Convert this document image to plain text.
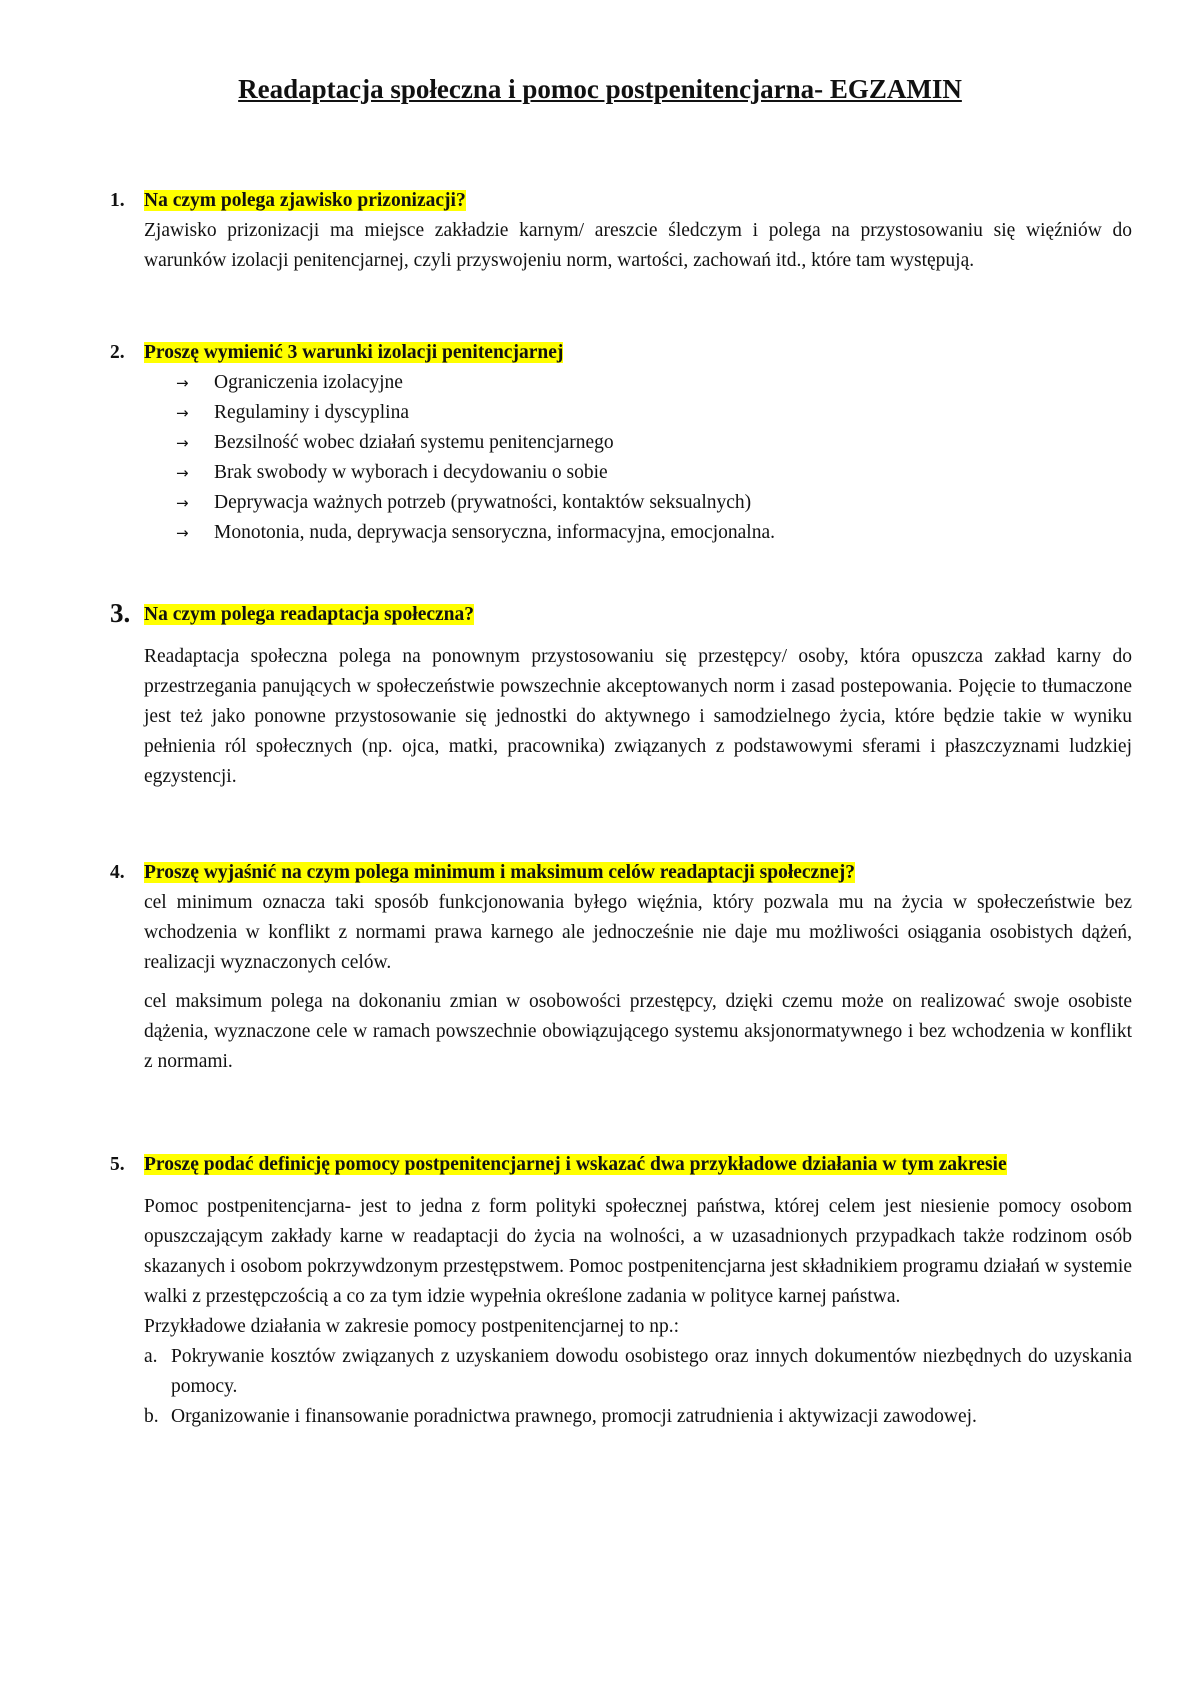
Readaptacja społeczna i pomoc postpenitencjarna- EGZAMIN
1. Na czym polega zjawisko prizonizacji?

Zjawisko prizonizacji ma miejsce zakładzie karnym/ areszcie śledczym i polega na przystosowaniu się więźniów do warunków izolacji penitencjarnej, czyli przyswojeniu norm, wartości, zachowań itd., które tam występują.

2. Proszę wymienić 3 warunki izolacji penitencjarnej
→ Ograniczenia izolacyjne
→ Regulaminy i dyscyplina
→ Bezsilność wobec działań systemu penitencjarnego
→ Brak swobody w wyborach i decydowaniu o sobie
→ Deprywacja ważnych potrzeb (prywatności, kontaktów seksualnych)
→ Monotonia, nuda, deprywacja sensoryczna, informacyjna, emocjonalna.
3. Na czym polega readaptacja społeczna?

Readaptacja społeczna polega na ponownym przystosowaniu się przestępcy/ osoby, która opuszcza zakład karny do przestrzegania panujących w społeczeństwie powszechnie akceptowanych norm i zasad postepowania. Pojęcie to tłumaczone jest też jako ponowne przystosowanie się jednostki do aktywnego i samodzielnego życia, które będzie takie w wyniku pełnienia ról społecznych (np. ojca, matki, pracownika) związanych z podstawowymi sferami i płaszczyznami ludzkiej egzystencji.

4. Proszę wyjaśnić na czym polega minimum i maksimum celów readaptacji społecznej?

cel minimum oznacza taki sposób funkcjonowania byłego więźnia, który pozwala mu na życia w społeczeństwie bez wchodzenia w konflikt z normami prawa karnego ale jednocześnie nie daje mu możliwości osiągania osobistych dążeń, realizacji wyznaczonych celów.

cel maksimum polega na dokonaniu zmian w osobowości przestępcy, dzięki czemu może on realizować swoje osobiste dążenia, wyznaczone cele w ramach powszechnie obowiązującego systemu aksjonormatywnego i bez wchodzenia w konflikt z normami.

5. Proszę podać definicję pomocy postpenitencjarnej i wskazać dwa przykładowe działania w tym zakresie

Pomoc postpenitencjarna- jest to jedna z form polityki społecznej państwa, której celem jest niesienie pomocy osobom opuszczającym zakłady karne w readaptacji do życia na wolności, a w uzasadnionych przypadkach także rodzinom osób skazanych i osobom pokrzywdzonym przestępstwem. Pomoc postpenitencjarna jest składnikiem programu działań w systemie walki z przestępczością a co za tym idzie wypełnia określone zadania w polityce karnej państwa.

Przykładowe działania w zakresie pomocy postpenitencjarnej to np.:

a. Pokrywanie kosztów związanych z uzyskaniem dowodu osobistego oraz innych dokumentów niezbędnych do uzyskania pomocy.
b. Organizowanie i finansowanie poradnictwa prawnego, promocji zatrudnienia i aktywizacji zawodowej.
